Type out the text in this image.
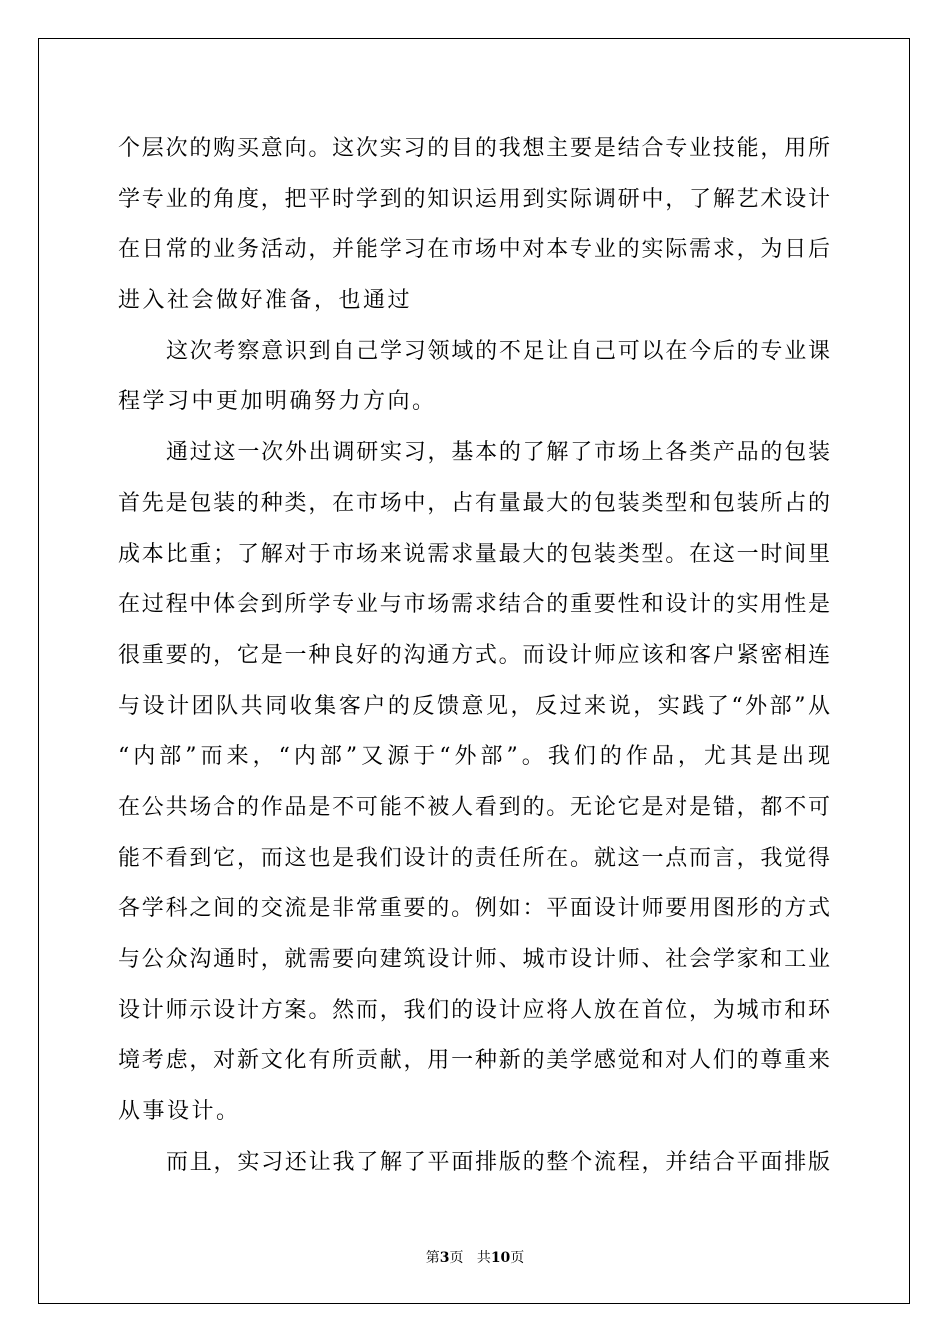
个层次的购买意向。这次实习的目的我想主要是结合专业技能，用所
学专业的角度，把平时学到的知识运用到实际调研中，了解艺术设计
在日常的业务活动，并能学习在市场中对本专业的实际需求，为日后
进入社会做好准备，也通过
这次考察意识到自己学习领域的不足让自己可以在今后的专业课
程学习中更加明确努力方向。
通过这一次外出调研实习，基本的了解了市场上各类产品的包装
首先是包装的种类，在市场中，占有量最大的包装类型和包装所占的
成本比重；了解对于市场来说需求量最大的包装类型。在这一时间里
在过程中体会到所学专业与市场需求结合的重要性和设计的实用性是
很重要的，它是一种良好的沟通方式。而设计师应该和客户紧密相连
与设计团队共同收集客户的反馈意见，反过来说，实践了“外部”从
“内部”而来，“内部”又源于“外部”。我们的作品，尤其是出现
在公共场合的作品是不可能不被人看到的。无论它是对是错，都不可
能不看到它，而这也是我们设计的责任所在。就这一点而言，我觉得
各学科之间的交流是非常重要的。例如：平面设计师要用图形的方式
与公众沟通时，就需要向建筑设计师、城市设计师、社会学家和工业
设计师示设计方案。然而，我们的设计应将人放在首位，为城市和环
境考虑，对新文化有所贡献，用一种新的美学感觉和对人们的尊重来
从事设计。
而且，实习还让我了解了平面排版的整个流程，并结合平面排版
第3页 共10页
